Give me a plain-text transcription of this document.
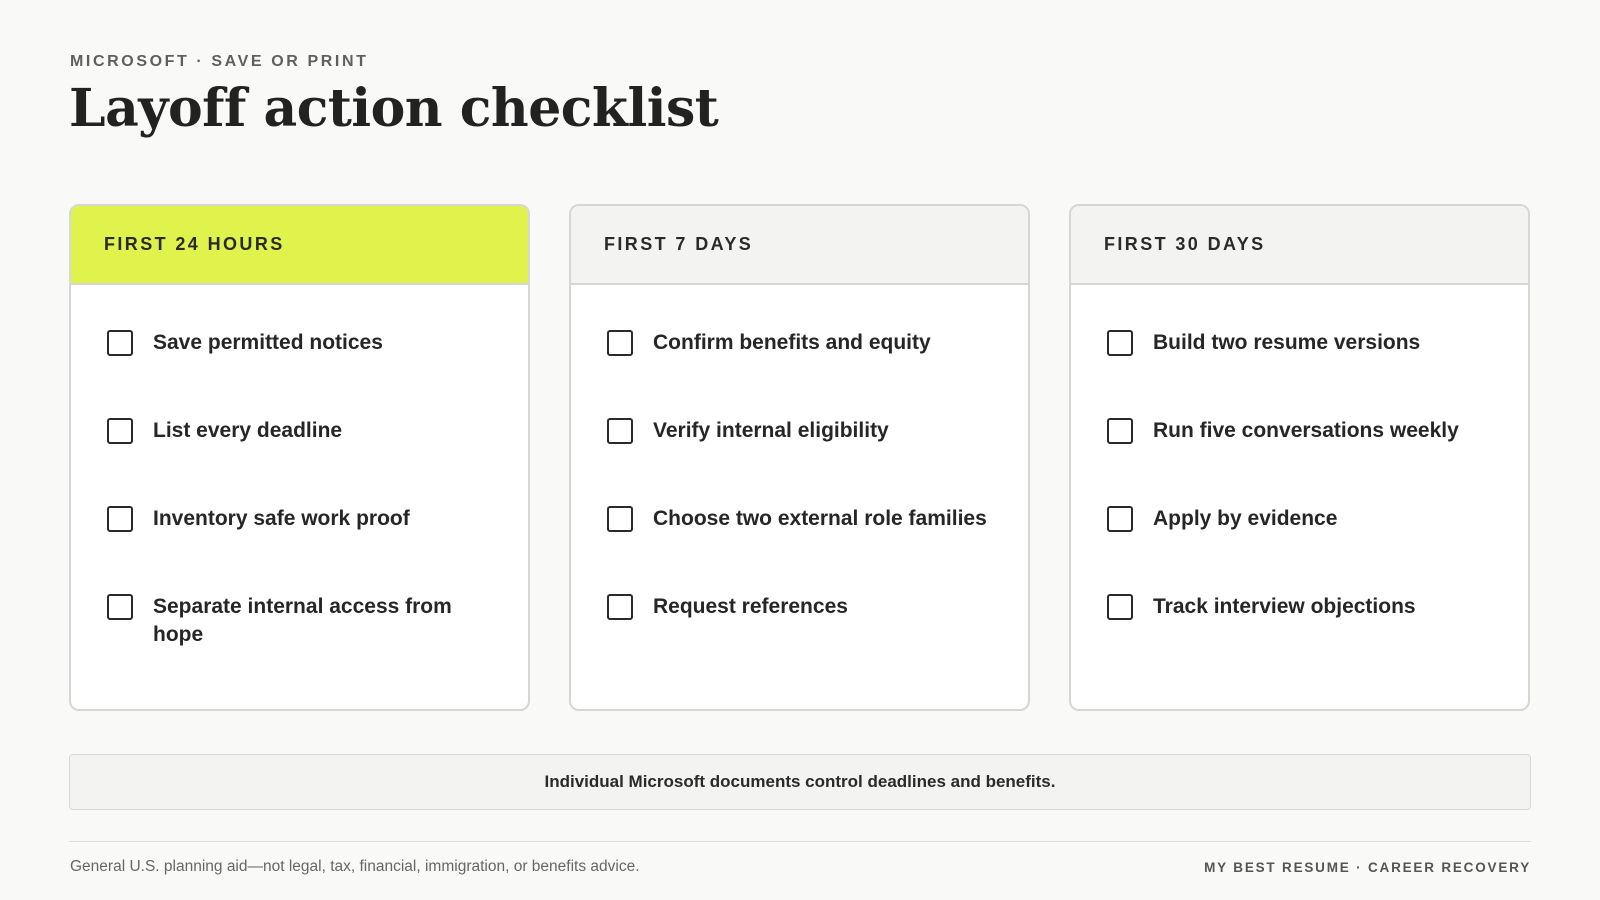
MICROSOFT · SAVE OR PRINT
Layoff action checklist
FIRST 24 HOURS
Save permitted notices
List every deadline
Inventory safe work proof
Separate internal access from hope
FIRST 7 DAYS
Confirm benefits and equity
Verify internal eligibility
Choose two external role families
Request references
FIRST 30 DAYS
Build two resume versions
Run five conversations weekly
Apply by evidence
Track interview objections
Individual Microsoft documents control deadlines and benefits.
General U.S. planning aid—not legal, tax, financial, immigration, or benefits advice.	MY BEST RESUME · CAREER RECOVERY
